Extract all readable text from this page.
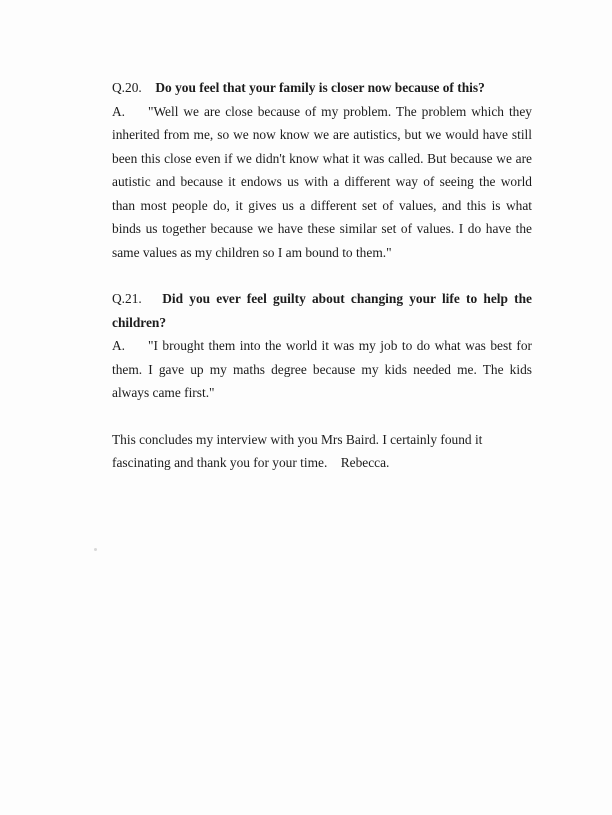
Q.20. Do you feel that your family is closer now because of this?
A. "Well we are close because of my problem. The problem which they inherited from me, so we now know we are autistics, but we would have still been this close even if we didn't know what it was called. But because we are autistic and because it endows us with a different way of seeing the world than most people do, it gives us a different set of values, and this is what binds us together because we have these similar set of values. I do have the same values as my children so I am bound to them."
Q.21. Did you ever feel guilty about changing your life to help the children?
A. "I brought them into the world it was my job to do what was best for them. I gave up my maths degree because my kids needed me. The kids always came first."
This concludes my interview with you Mrs Baird. I certainly found it fascinating and thank you for your time. Rebecca.
